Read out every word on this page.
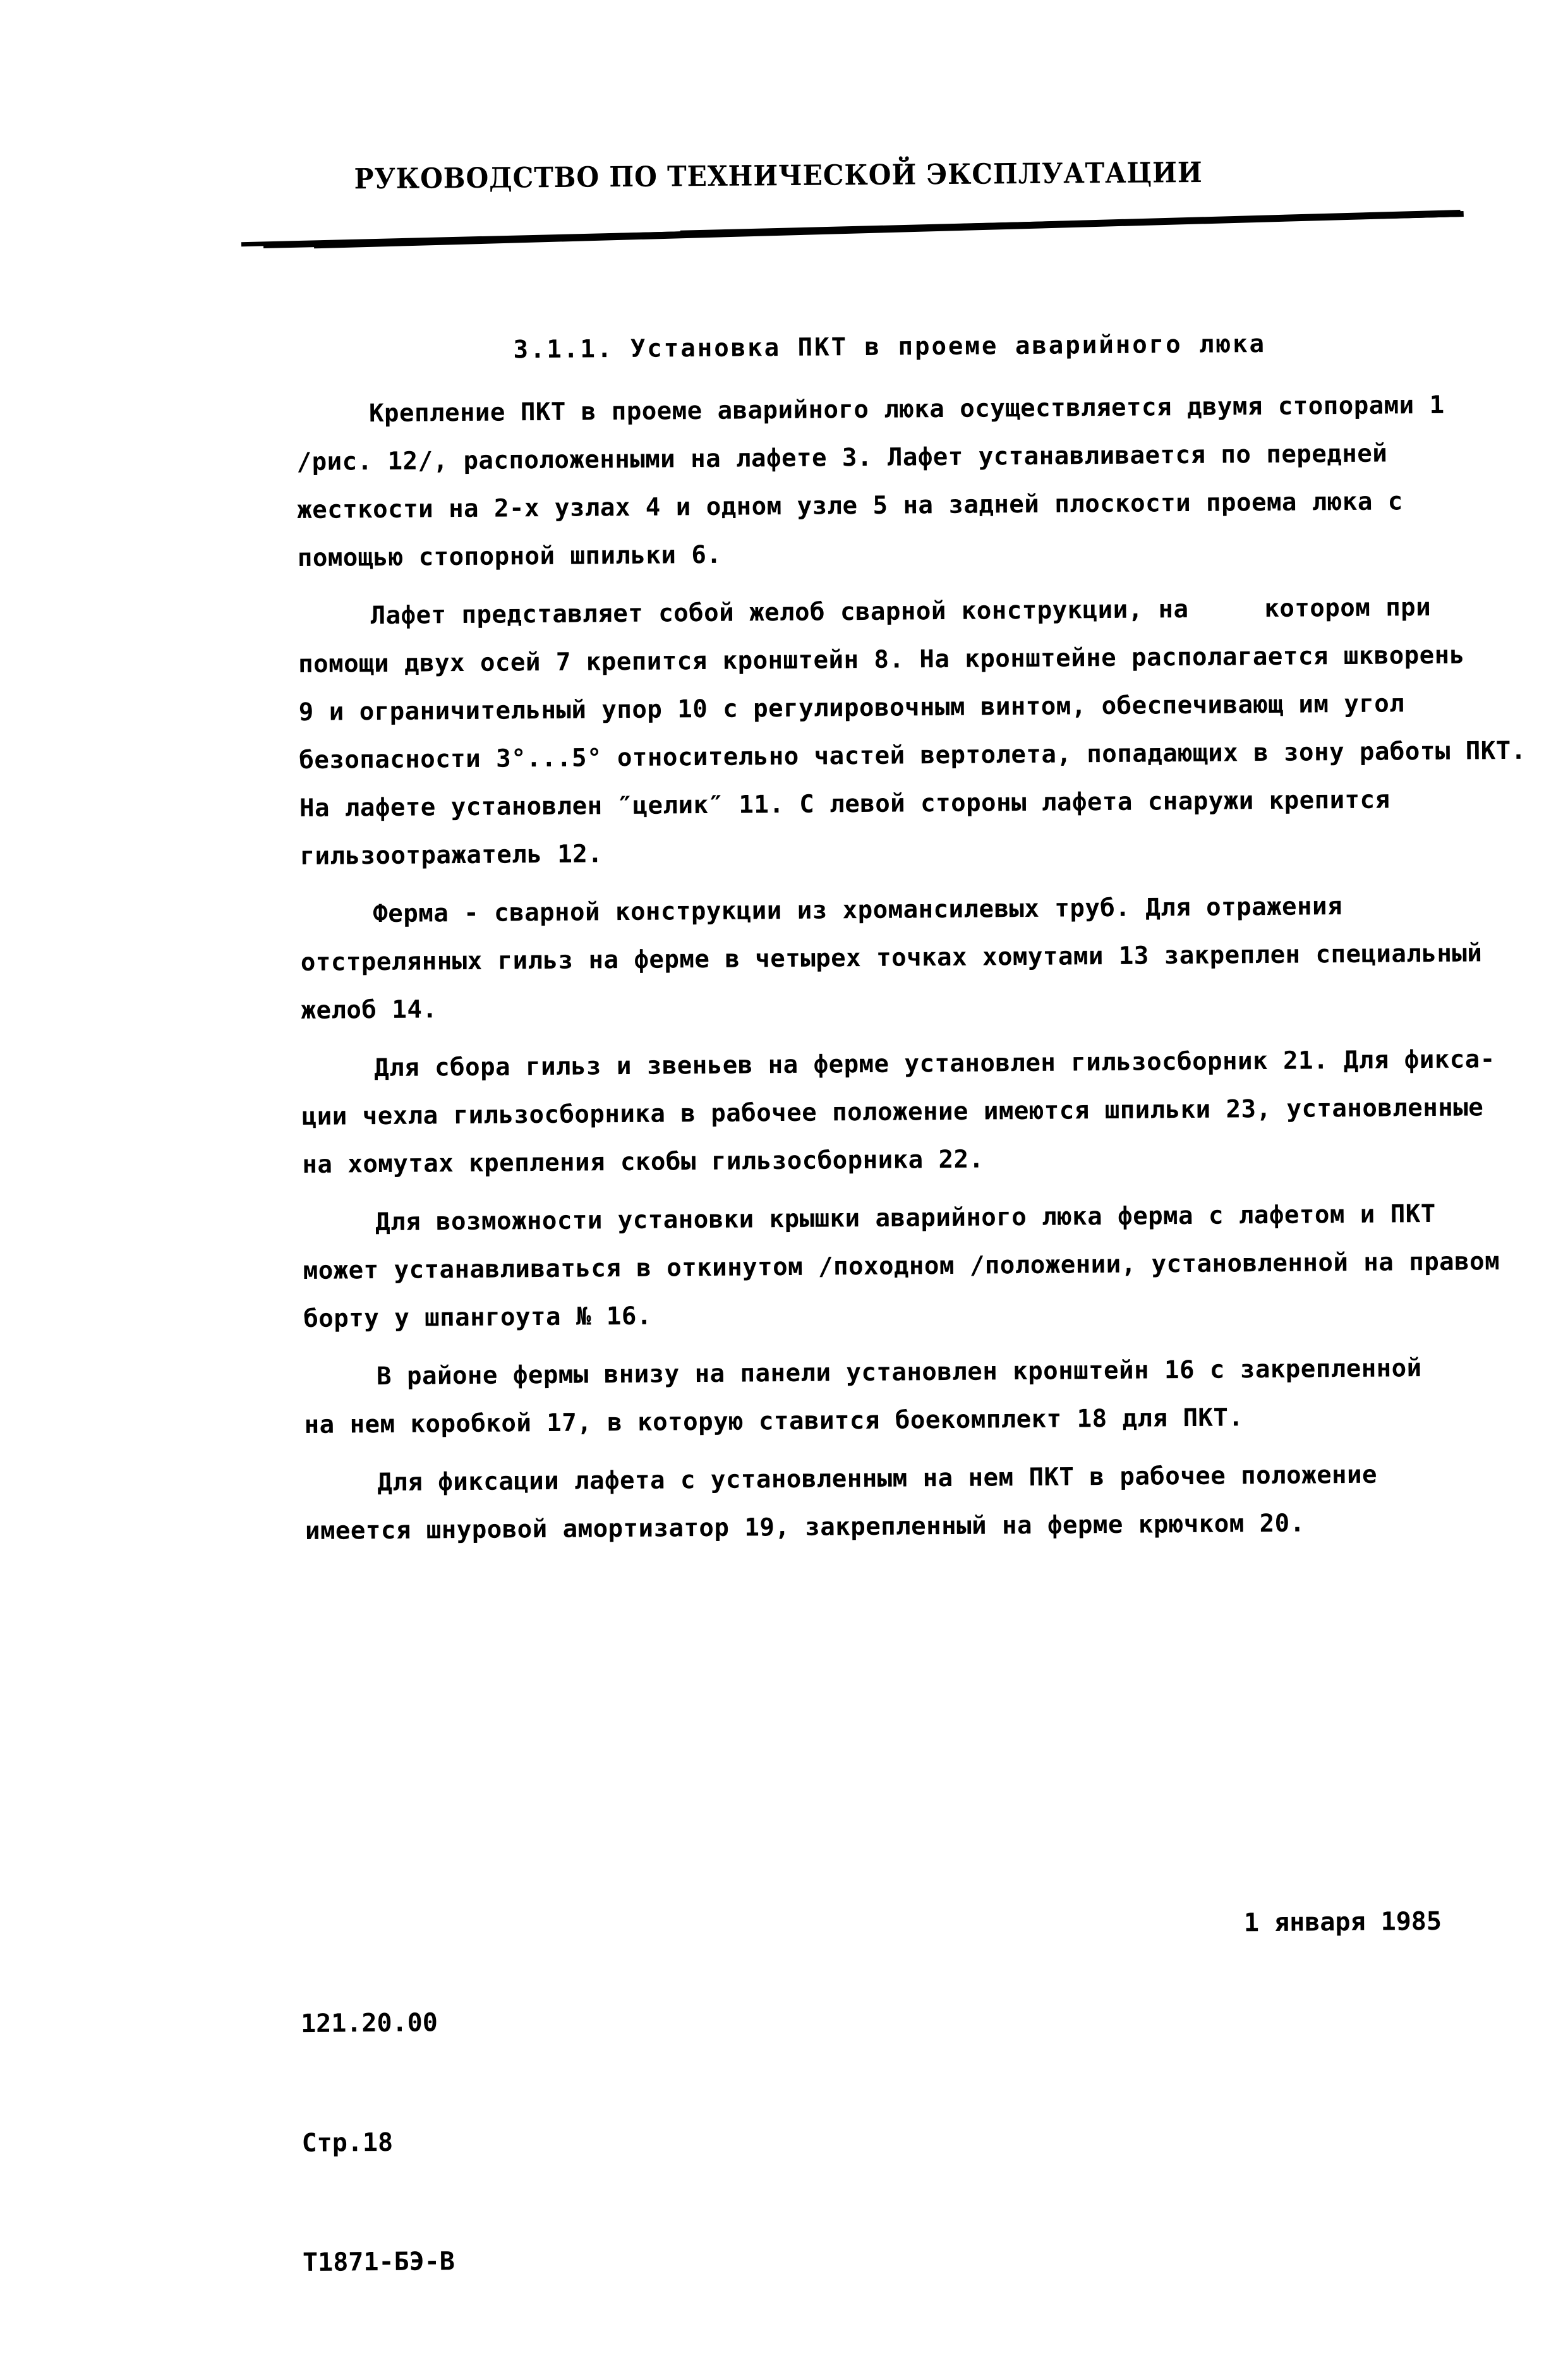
РУКОВОДСТВО ПО ТЕХНИЧЕСКОЙ ЭКСПЛУАТАЦИИ
3.1.1. Установка ПКТ в проеме аварийного люка
Крепление ПКТ в проеме аварийного люка осуществляется двумя стопорами 1
/рис. 12/, расположенными на лафете 3. Лафет устанавливается по передней
жесткости на 2-х узлах 4 и одном узле 5 на задней плоскости проема люка с
помощью стопорной шпильки 6.
Лафет представляет собой желоб сварной конструкции, на     котором при
помощи двух осей 7 крепится кронштейн 8. На кронштейне располагается шкворень
9 и ограничительный упор 10 с регулировочным винтом, обеспечивающ им угол
безопасности 3°...5° относительно частей вертолета, попадающих в зону работы ПКТ.
На лафете установлен ″целик″ 11. С левой стороны лафета снаружи крепится
гильзоотражатель 12.
Ферма - сварной конструкции из хромансилевых труб. Для отражения
отстрелянных гильз на ферме в четырех точках хомутами 13 закреплен специальный
желоб 14.
Для сбора гильз и звеньев на ферме установлен гильзосборник 21. Для фикса-
ции чехла гильзосборника в рабочее положение имеются шпильки 23, установленные
на хомутах крепления скобы гильзосборника 22.
Для возможности установки крышки аварийного люка ферма с лафетом и ПКТ
может устанавливаться в откинутом /походном /положении, установленной на правом
борту у шпангоута № 16.
В районе фермы внизу на панели установлен кронштейн 16 с закрепленной
на нем коробкой 17, в которую ставится боекомплект 18 для ПКТ.
Для фиксации лафета с установленным на нем ПКТ в рабочее положение
имеется шнуровой амортизатор 19, закрепленный на ферме крючком 20.

121.20.00

Стр.18

Т1871-БЭ-В

1 января 1985
